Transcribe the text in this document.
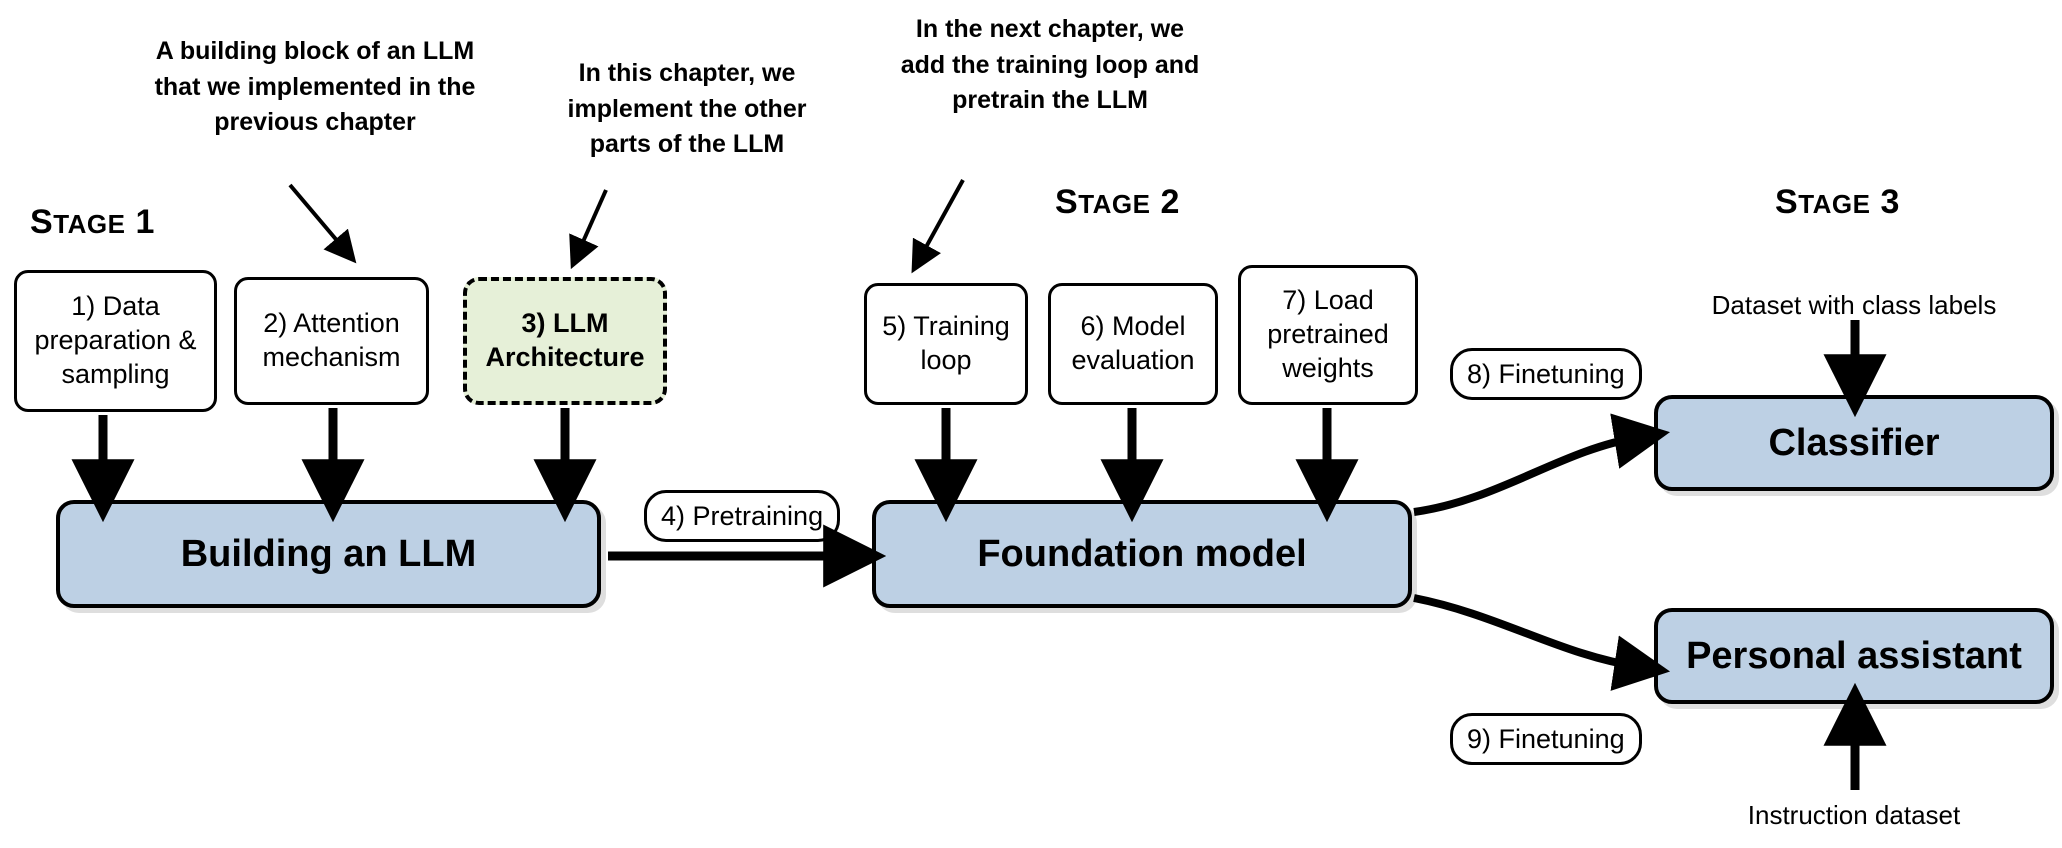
A building block of an LLM that we implemented in the previous chapter
In this chapter, we implement the other parts of the LLM
In the next chapter, we add the training loop and pretrain the LLM
STAGE 1
STAGE 2	STAGE 3
1) Data preparation & sampling
2) Attention mechanism
3) LLM Architecture
5) Training loop
6) Model evaluation
7) Load pretrained weights
4) Pretraining
8) Finetuning
9) Finetuning
Building an LLM	Foundation model
Classifier
Personal assistant
Dataset with class labels
Instruction dataset
